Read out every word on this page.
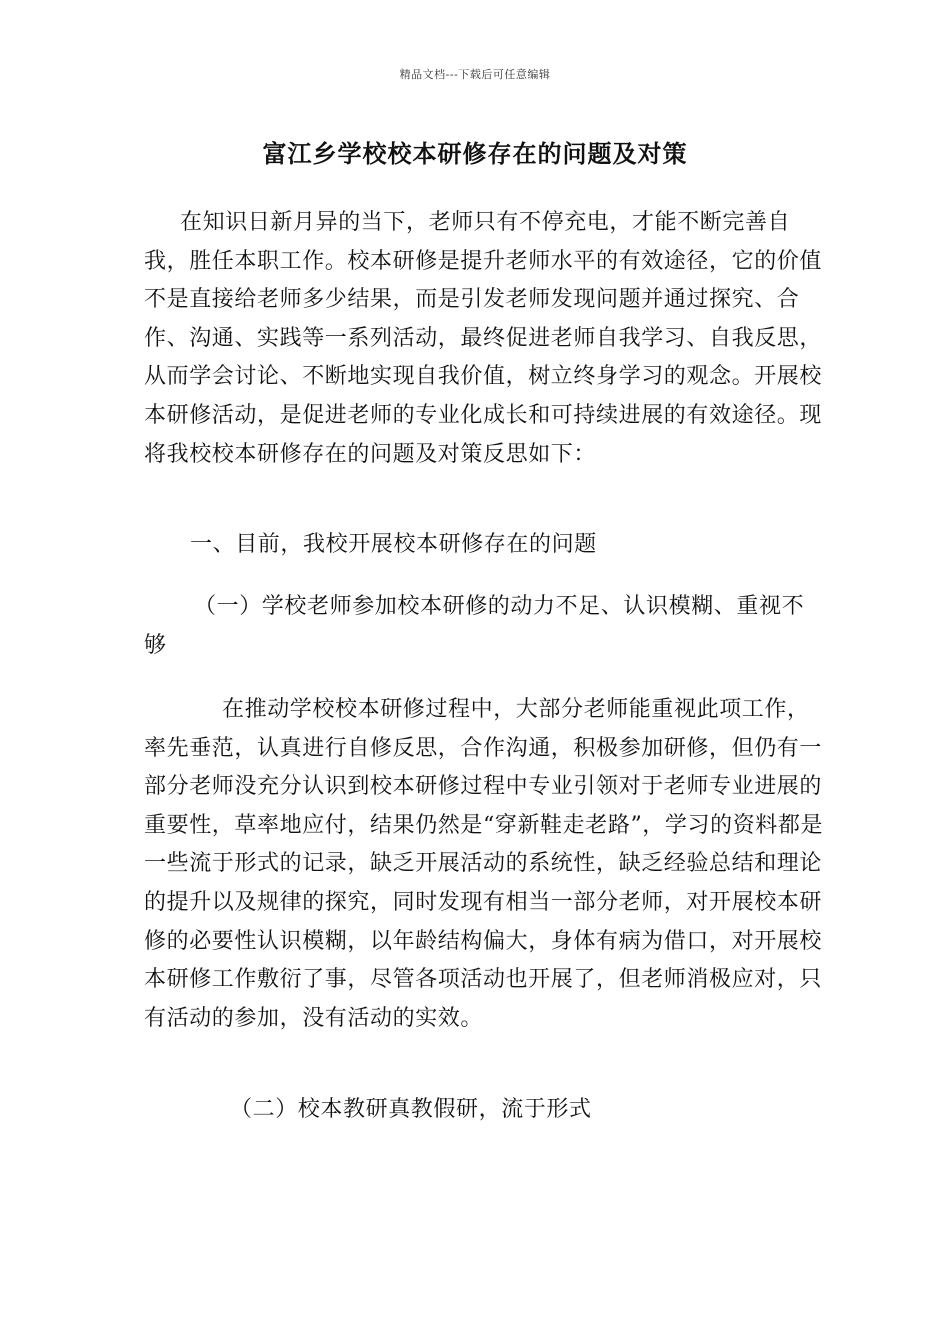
精品文档---下载后可任意编辑
富江乡学校校本研修存在的问题及对策

在知识日新月异的当下，老师只有不停充电，才能不断完善自我，胜任本职工作。校本研修是提升老师水平的有效途径，它的价值不是直接给老师多少结果，而是引发老师发现问题并通过探究、合作、沟通、实践等一系列活动，最终促进老师自我学习、自我反思，从而学会讨论、不断地实现自我价值，树立终身学习的观念。开展校本研修活动，是促进老师的专业化成长和可持续进展的有效途径。现将我校校本研修存在的问题及对策反思如下：

一、目前，我校开展校本研修存在的问题

（一）学校老师参加校本研修的动力不足、认识模糊、重视不够

在推动学校校本研修过程中，大部分老师能重视此项工作，率先垂范，认真进行自修反思，合作沟通，积极参加研修，但仍有一部分老师没充分认识到校本研修过程中专业引领对于老师专业进展的重要性，草率地应付，结果仍然是“穿新鞋走老路”，学习的资料都是一些流于形式的记录，缺乏开展活动的系统性，缺乏经验总结和理论的提升以及规律的探究，同时发现有相当一部分老师，对开展校本研修的必要性认识模糊，以年龄结构偏大，身体有病为借口，对开展校本研修工作敷衍了事，尽管各项活动也开展了，但老师消极应对，只有活动的参加，没有活动的实效。

（二）校本教研真教假研，流于形式
